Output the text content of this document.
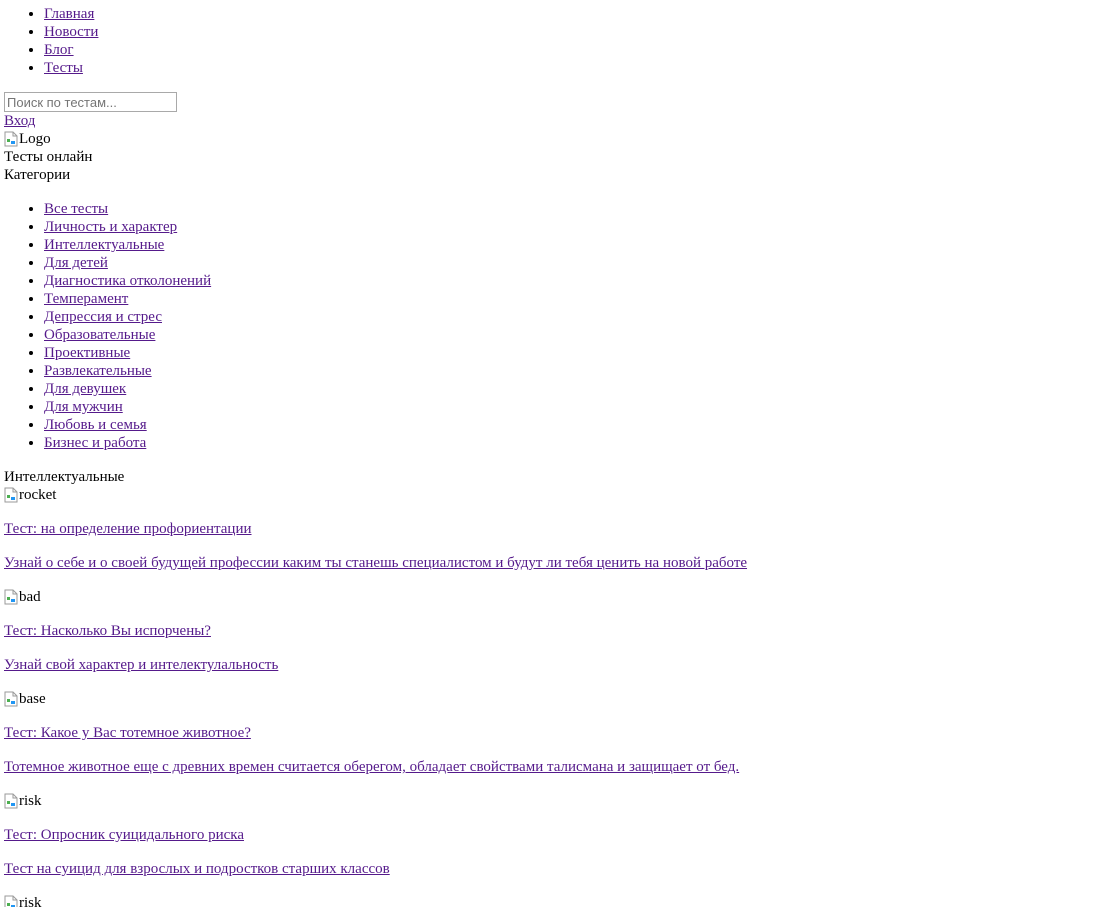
• Главная
• Новости
• Блог
• Тесты
Поиск по тестам...
Вход
Logo
Тесты онлайн
Категории
• Все тесты
• Личность и характер
• Интеллектуальные
• Для детей
• Диагностика отколонений
• Темперамент
• Депрессия и стрес
• Образовательные
• Проективные
• Развлекательные
• Для девушек
• Для мужчин
• Любовь и семья
• Бизнес и работа
Интеллектуальные
rocket
Тест: на определение профориентации
Узнай о себе и о своей будущей профессии каким ты станешь специалистом и будут ли тебя ценить на новой работе
bad
Тест: Насколько Вы испорчены?
Узнай свой характер и интелектулальность
base
Тест: Какое у Вас тотемное животное?
Тотемное животное еще с древних времен считается оберегом, обладает свойствами талисмана и защищает от бед.
risk
Тест: Опросник суицидального риска
Тест на суицид для взрослых и подростков старших классов
risk
